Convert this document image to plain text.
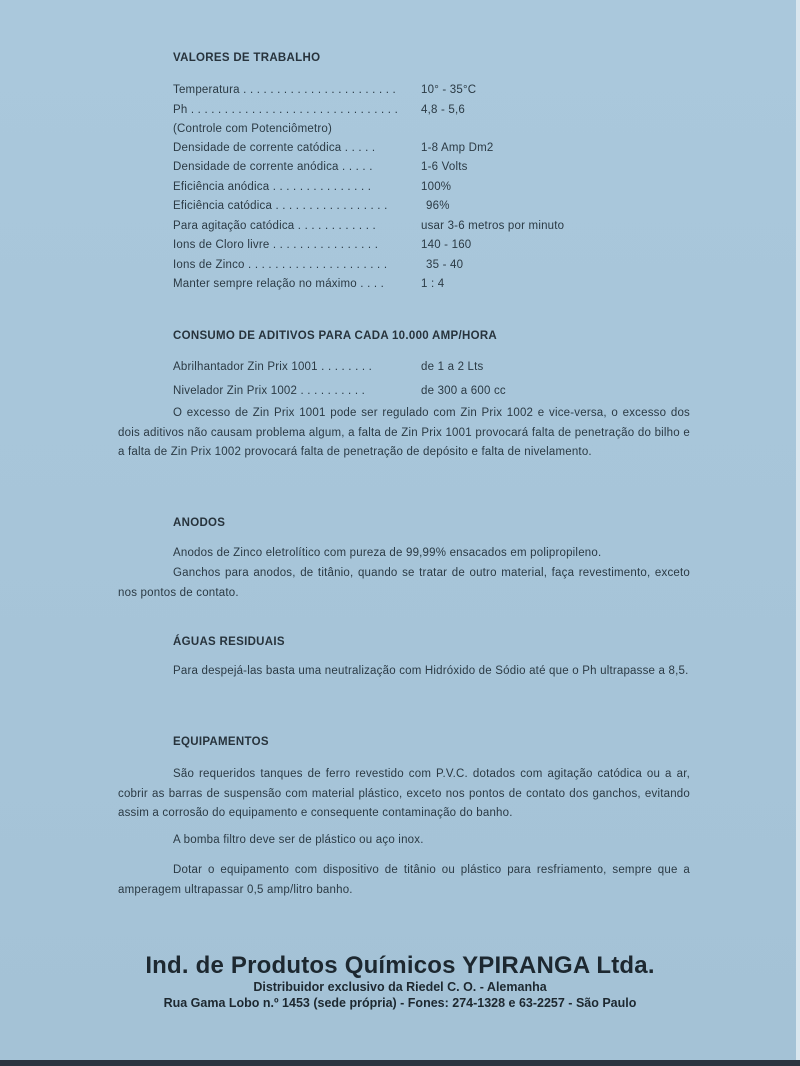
VALORES DE TRABALHO
Temperatura . . . . . . . . . . . . . . . . . . . . . . . 10° - 35°C
Ph . . . . . . . . . . . . . . . . . . . . . . . . . . . . . . . 4,8 - 5,6
(Controle com Potenciômetro)
Densidade de corrente catódica . . . . .	1-8 Amp Dm2
Densidade de corrente anódica . . . . .	1-6 Volts
Eficiência anódica . . . . . . . . . . . . . . .	100%
Eficiência catódica . . . . . . . . . . . . . . . . .	96%
Para agitação catódica . . . . . . . . . . . .	usar 3-6 metros por minuto
Ions de Cloro livre . . . . . . . . . . . . . . . .	140 - 160
Ions de Zinco . . . . . . . . . . . . . . . . . . . . .	35 - 40
Manter sempre relação no máximo . . . .	1 : 4
CONSUMO DE ADITIVOS PARA CADA 10.000 AMP/HORA
Abrilhantador Zin Prix 1001 . . . . . . . .	de 1 a 2 Lts
Nivelador Zin Prix 1002 . . . . . . . . . .	de 300 a 600 cc
O excesso de Zin Prix 1001 pode ser regulado com Zin Prix 1002 e vice-versa, o excesso dos dois aditivos não causam problema algum, a falta de Zin Prix 1001 provocará falta de penetração do bilho e a falta de Zin Prix 1002 provocará falta de penetração de depósito e falta de nivelamento.
ANODOS
Anodos de Zinco eletrolítico com pureza de 99,99% ensacados em polipropileno.
Ganchos para anodos, de titânio, quando se tratar de outro material, faça revestimento, exceto nos pontos de contato.
ÁGUAS RESIDUAIS
Para despejá-las basta uma neutralização com Hidróxido de Sódio até que o Ph ultrapasse a 8,5.
EQUIPAMENTOS
São requeridos tanques de ferro revestido com P.V.C. dotados com agitação catódica ou a ar, cobrir as barras de suspensão com material plástico, exceto nos pontos de contato dos ganchos, evitando assim a corrosão do equipamento e consequente contaminação do banho.
A bomba filtro deve ser de plástico ou aço inox.
Dotar o equipamento com dispositivo de titânio ou plástico para resfriamento, sempre que a amperagem ultrapassar 0,5 amp/litro banho.
Ind. de Produtos Químicos YPIRANGA Ltda.
Distribuidor exclusivo da Riedel C. O. - Alemanha
Rua Gama Lobo n.º 1453 (sede própria) - Fones: 274-1328 e 63-2257 - São Paulo
